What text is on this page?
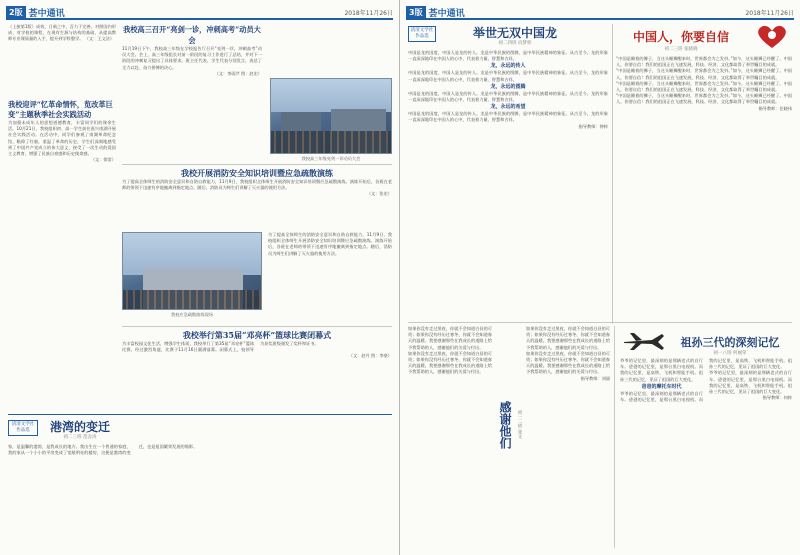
2版 荟中通讯	2018年11月26日
（上接第1版）成效，日新之中，吾力于完善。对照国内形成、对学校的课程，在现有生源与结构的基础，从提高教师专业课质量的入手，提升到学科整学。 （文：王文洁）
我校迎评“忆革命情怀，览改革巨变”主题秋季社会实践活动
为加强未成年人的思想道德教育，丰富同学们的课余生活，10月21日，我校组织初、高一学生前往嘉兴南湖开展社会实践活动。在活动中，同学们参观了南湖革命纪念馆，瞻仰了红船，重温了革命的历史，学生们深刻地感受到了中国共产党成立的伟大意义，接受了一次生动的爱国主义教育，增强了民族自豪感和历史使命感。
（文：徐雷）
我校高三召开“亮剑一诊，冲刺高考”动员大会
11月19日下午，我校高三年级在学校报告厅召开“亮剑一诊，冲刺高考”动员大会。会上，高三年级组长对前一阶段的复习工作进行了总结，并对下一阶段的冲刺复习提出了具体要求。班主任代表、学生代表分别发言，表达了全力以赴、奋力拼搏的决心。
（文：李雨芹 图：赵宏）
我校高三年级亮剑一诊动员大会
我校开展消防安全知识培训暨应急疏散演练
为了提高全体师生的消防安全意识和自防自救能力，11月9日，我校组织全体师生开展消防安全知识培训暨应急疏散演练。演练开始后，各班在老师的带领下迅速有序地撤离到指定地点。随后，消防员为师生们讲解了灭火器的使用方法。
（文：张宏）
我校应急疏散演练现场
为了提高全体师生的消防安全意识和自防自救能力，11月9日，我校组织全体师生开展消防安全知识培训暨应急疏散演练。演练开始后，各班在老师的带领下迅速有序地撤离到指定地点。随后，消防员为师生们讲解了灭火器的使用方法。
我校举行第35届“邓亮杯”篮球比赛闭幕式
为丰富校园文化生活，增强学生体质，我校举行了第35届“邓亮杯”篮球比赛。经过激烈角逐，比赛于11月16日圆满落幕。闭幕式上，校领导为获奖班级颁发了奖杯和证书。
（文：赵丹 图：李豪）
清清文学社作品选	港湾的变迁
初二三班 范舍涛
家，是温馨的港湾，是我成长的地方。我出生在一个普通的家庭，我的家从一个小小的平房变成了宽敞明亮的楼房，这便是港湾的变迁，也是祖国繁荣发展的缩影。
3版 荟中通讯	2018年11月26日
清清文学社作品选	举世无双中国龙
初二四班 向梦梓
中国是龙的国度，中国人是龙的传人。龙是中华民族的图腾，是中华民族精神的象征。从古至今，龙的形象一直深深地印在中国人的心中，代表着力量、智慧和吉祥。
龙，永远的传人
中国是龙的国度，中国人是龙的传人。龙是中华民族的图腾，是中华民族精神的象征。从古至今，龙的形象一直深深地印在中国人的心中，代表着力量、智慧和吉祥。
龙，永远的图腾
中国是龙的国度，中国人是龙的传人。龙是中华民族的图腾，是中华民族精神的象征。从古至今，龙的形象一直深深地印在中国人的心中，代表着力量、智慧和吉祥。
龙，永远的希望
中国是龙的国度，中国人是龙的传人。龙是中华民族的图腾，是中华民族精神的象征。从古至今，龙的形象一直深深地印在中国人的心中，代表着力量、智慧和吉祥。
指导教师：钟梓
中国人，你要自信
初二三班 张晓晓
“中国是睡着的狮子，当这头睡狮醒来时，世界都会为之发抖。”如今，这头睡狮已经醒了。中国人，你要自信！我们的祖国正在飞速发展，科技、经济、文化都取得了举世瞩目的成就。
“中国是睡着的狮子，当这头睡狮醒来时，世界都会为之发抖。”如今，这头睡狮已经醒了。中国人，你要自信！我们的祖国正在飞速发展，科技、经济、文化都取得了举世瞩目的成就。
“中国是睡着的狮子，当这头睡狮醒来时，世界都会为之发抖。”如今，这头睡狮已经醒了。中国人，你要自信！我们的祖国正在飞速发展，科技、经济、文化都取得了举世瞩目的成就。
“中国是睡着的狮子，当这头睡狮醒来时，世界都会为之发抖。”如今，这头睡狮已经醒了。中国人，你要自信！我们的祖国正在飞速发展，科技、经济、文化都取得了举世瞩目的成就。
指导教师：任晓伟
如果你没有走过黑夜，你就不会知道白昼的可贵；如果你没有经历过寒冬，你就不会知道春天的温暖。我要感谢那些在我成长的道路上给予我帮助的人，感谢他们的关爱与付出。
如果你没有走过黑夜，你就不会知道白昼的可贵；如果你没有经历过寒冬，你就不会知道春天的温暖。我要感谢那些在我成长的道路上给予我帮助的人，感谢他们的关爱与付出。
感谢他们	初一二班 张文
如果你没有走过黑夜，你就不会知道白昼的可贵；如果你没有经历过寒冬，你就不会知道春天的温暖。我要感谢那些在我成长的道路上给予我帮助的人，感谢他们的关爱与付出。
如果你没有走过黑夜，你就不会知道白昼的可贵；如果你没有经历过寒冬，你就不会知道春天的温暖。我要感谢那些在我成长的道路上给予我帮助的人，感谢他们的关爱与付出。
指导教师：刘丽
祖孙三代的深刻记忆
初一八班 何丽荣
爷爷的记忆里，最深刻的是那辆老式的自行车。爸爸的记忆里，是那台黑白电视机。而我的记忆里，是高铁、飞机和智能手机。祖孙三代的记忆，见证了祖国的巨大变化。
爸爸的摩托车时代
爷爷的记忆里，最深刻的是那辆老式的自行车。爸爸的记忆里，是那台黑白电视机。而我的记忆里，是高铁、飞机和智能手机。祖孙三代的记忆，见证了祖国的巨大变化。
爷爷的记忆里，最深刻的是那辆老式的自行车。爸爸的记忆里，是那台黑白电视机。而我的记忆里，是高铁、飞机和智能手机。祖孙三代的记忆，见证了祖国的巨大变化。
指导教师：何梓
